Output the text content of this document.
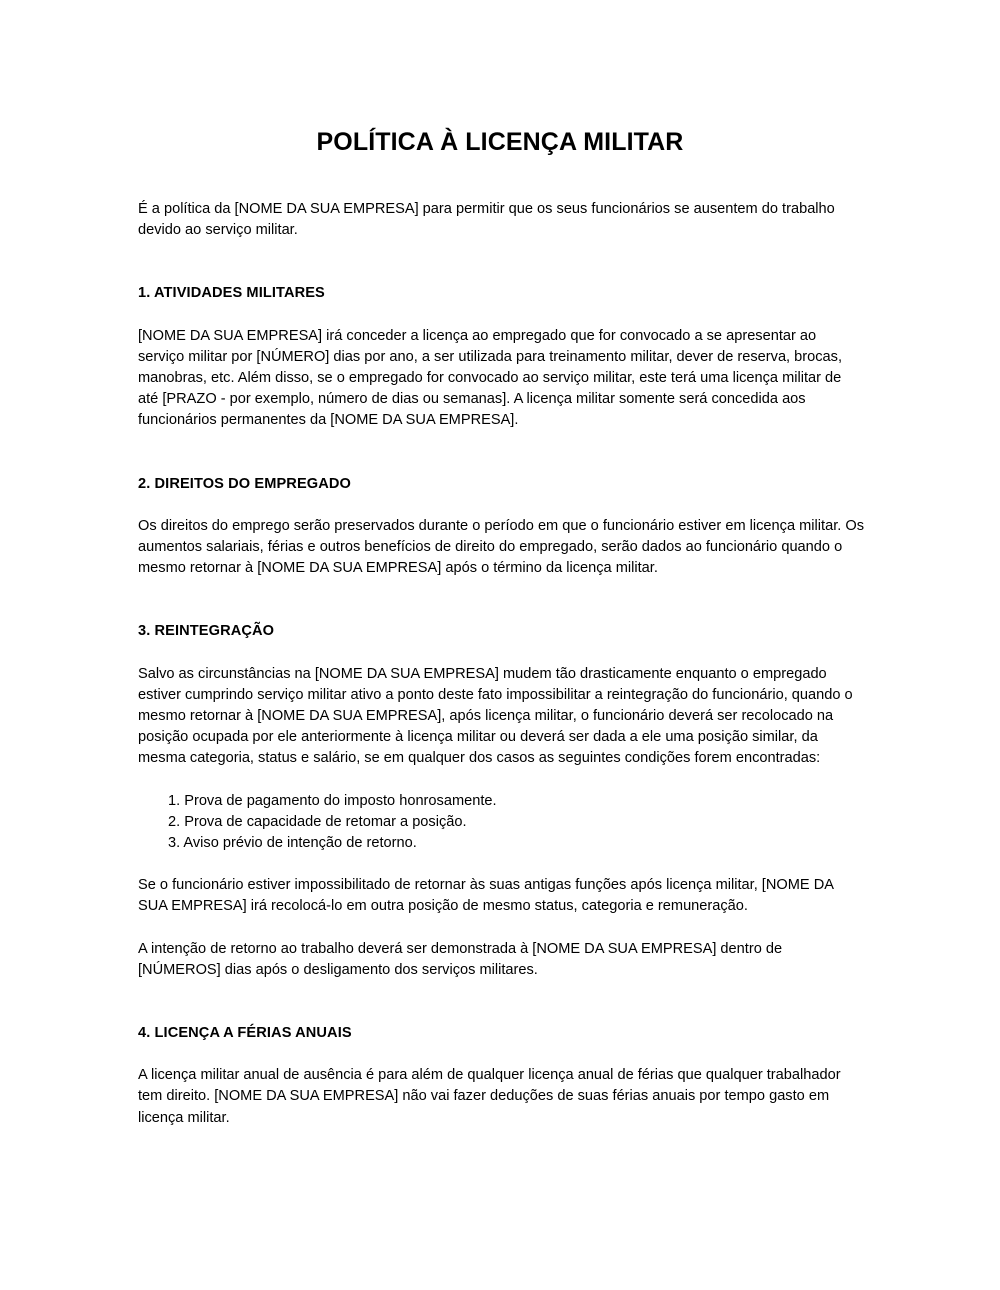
POLÍTICA À LICENÇA MILITAR

É a política da [NOME DA SUA EMPRESA] para permitir que os seus funcionários se ausentem do trabalho devido ao serviço militar.

1. ATIVIDADES MILITARES

[NOME DA SUA EMPRESA] irá conceder a licença ao empregado que for convocado a se apresentar ao serviço militar por [NÚMERO] dias por ano, a ser utilizada para treinamento militar, dever de reserva, brocas, manobras, etc. Além disso, se o empregado for convocado ao serviço militar, este terá uma licença militar de até [PRAZO - por exemplo, número de dias ou semanas]. A licença militar somente será concedida aos funcionários permanentes da [NOME DA SUA EMPRESA].

2. DIREITOS DO EMPREGADO

Os direitos do emprego serão preservados durante o período em que o funcionário estiver em licença militar. Os aumentos salariais, férias e outros benefícios de direito do empregado, serão dados ao funcionário quando o mesmo retornar à [NOME DA SUA EMPRESA] após o término da licença militar.

3. REINTEGRAÇÃO

Salvo as circunstâncias na [NOME DA SUA EMPRESA] mudem tão drasticamente enquanto o empregado estiver cumprindo serviço militar ativo a ponto deste fato impossibilitar a reintegração do funcionário, quando o mesmo retornar à [NOME DA SUA EMPRESA], após licença militar, o funcionário deverá ser recolocado na posição ocupada por ele anteriormente à licença militar ou deverá ser dada a ele uma posição similar, da mesma categoria, status e salário, se em qualquer dos casos as seguintes condições forem encontradas:

1. Prova de pagamento do imposto honrosamente.
2. Prova de capacidade de retomar a posição.
3. Aviso prévio de intenção de retorno.

Se o funcionário estiver impossibilitado de retornar às suas antigas funções após licença militar, [NOME DA SUA EMPRESA] irá recolocá-lo em outra posição de mesmo status, categoria e remuneração.

A intenção de retorno ao trabalho deverá ser demonstrada à [NOME DA SUA EMPRESA] dentro de [NÚMEROS] dias após o desligamento dos serviços militares.

4. LICENÇA A FÉRIAS ANUAIS

A licença militar anual de ausência é para além de qualquer licença anual de férias que qualquer trabalhador tem direito. [NOME DA SUA EMPRESA] não vai fazer deduções de suas férias anuais por tempo gasto em licença militar.
